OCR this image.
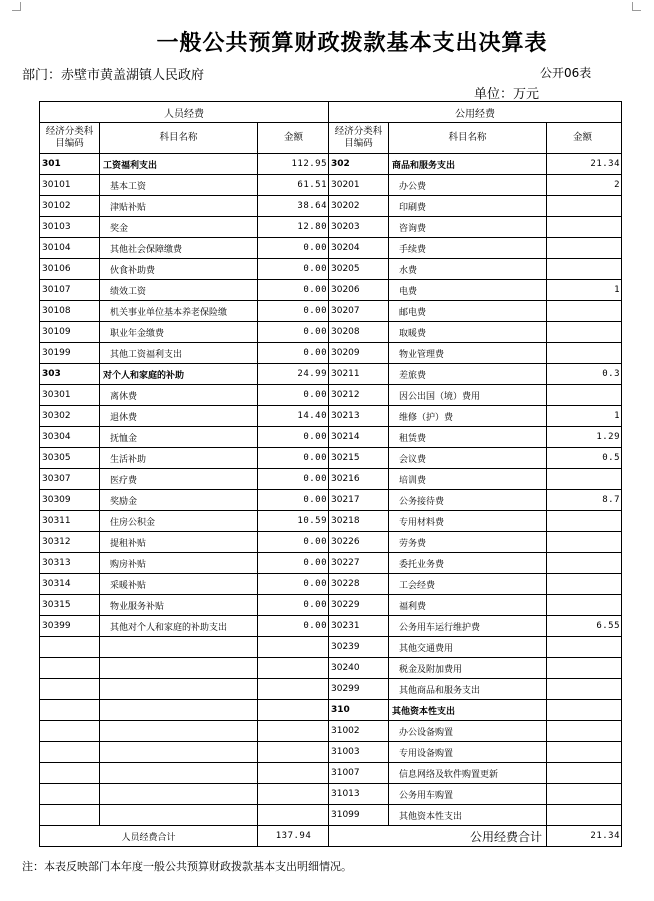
一般公共预算财政拨款基本支出决算表
部门：赤壁市黄盖湖镇人民政府	公开06表
单位：万元
人员经费			公用经费		
经济分类科目编码	科目名称	金额	经济分类科目编码	科目名称	金额
301	工资福利支出	112.95	302	商品和服务支出	21.34
30101	基本工资	61.51	30201	办公费	2
30102	津贴补贴	38.64	30202	印刷费	
30103	奖金	12.80	30203	咨询费	
30104	其他社会保障缴费	0.00	30204	手续费	
30106	伙食补助费	0.00	30205	水费	
30107	绩效工资	0.00	30206	电费	1
30108	机关事业单位基本养老保险缴	0.00	30207	邮电费	
30109	职业年金缴费	0.00	30208	取暖费	
30199	其他工资福利支出	0.00	30209	物业管理费	
303	对个人和家庭的补助	24.99	30211	差旅费	0.3
30301	离休费	0.00	30212	因公出国（境）费用	
30302	退休费	14.40	30213	维修（护）费	1
30304	抚恤金	0.00	30214	租赁费	1.29
30305	生活补助	0.00	30215	会议费	0.5
30307	医疗费	0.00	30216	培训费	
30309	奖励金	0.00	30217	公务接待费	8.7
30311	住房公积金	10.59	30218	专用材料费	
30312	提租补贴	0.00	30226	劳务费	
30313	购房补贴	0.00	30227	委托业务费	
30314	采暖补贴	0.00	30228	工会经费	
30315	物业服务补贴	0.00	30229	福利费	
30399	其他对个人和家庭的补助支出	0.00	30231	公务用车运行维护费	6.55
			30239	其他交通费用	
			30240	税金及附加费用	
			30299	其他商品和服务支出	
			310	其他资本性支出	
			31002	办公设备购置	
			31003	专用设备购置	
			31007	信息网络及软件购置更新	
			31013	公务用车购置	
			31099	其他资本性支出	
人员经费合计		137.94	公用经费合计		21.34
注：本表反映部门本年度一般公共预算财政拨款基本支出明细情况。
